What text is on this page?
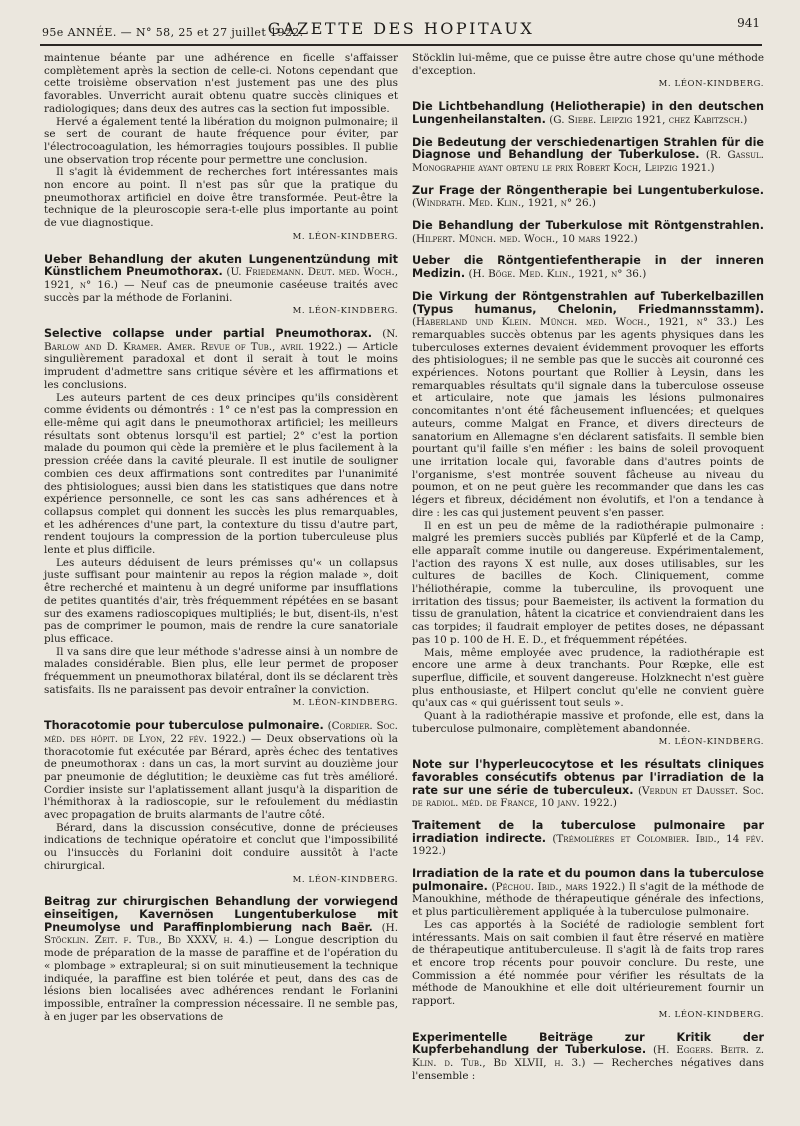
95e ANNÉE. — N° 58, 25 et 27 juillet 1922.
GAZETTE DES HOPITAUX	941

maintenue béante par une adhérence en ficelle s'affaisser complètement après la section de celle-ci. Notons cependant que cette troisième observation n'est justement pas une des plus favorables. Unverricht aurait obtenu quatre succès cliniques et radiologiques; dans deux des autres cas la section fut impossible.

Hervé a également tenté la libération du moignon pulmonaire; il se sert de courant de haute fréquence pour éviter, par l'électrocoagulation, les hémorragies toujours possibles. Il publie une observation trop récente pour permettre une conclusion.

Il s'agit là évidemment de recherches fort intéressantes mais non encore au point. Il n'est pas sûr que la pratique du pneumothorax artificiel en doive être transformée. Peut-être la technique de la pleuroscopie sera-t-elle plus importante au point de vue diagnostique.

M. LÉON-KINDBERG.

Ueber Behandlung der akuten Lungenentzündung mit Künstlichem Pneumothorax. (U. Friedemann. Deut. med. Woch., 1921, n° 16.) — Neuf cas de pneumonie caséeuse traités avec succès par la méthode de Forlanini.

M. LÉON-KINDBERG.

Selective collapse under partial Pneumothorax. (N. Barlow and D. Kramer. Amer. Revue of Tub., avril 1922.) — Article singulièrement paradoxal et dont il serait à tout le moins imprudent d'admettre sans critique sévère et les affirmations et les conclusions.

Les auteurs partent de ces deux principes qu'ils considèrent comme évidents ou démontrés : 1° ce n'est pas la compression en elle-même qui agit dans le pneumothorax artificiel; les meilleurs résultats sont obtenus lorsqu'il est partiel; 2° c'est la portion malade du poumon qui cède la première et le plus facilement à la pression créée dans la cavité pleurale. Il est inutile de souligner combien ces deux affirmations sont contredites par l'unanimité des phtisiologues; aussi bien dans les statistiques que dans notre expérience personnelle, ce sont les cas sans adhérences et à collapsus complet qui donnent les succès les plus remarquables, et les adhérences d'une part, la contexture du tissu d'autre part, rendent toujours la compression de la portion tuberculeuse plus lente et plus difficile.

Les auteurs déduisent de leurs prémisses qu'« un collapsus juste suffisant pour maintenir au repos la région malade », doit être recherché et maintenu à un degré uniforme par insufflations de petites quantités d'air, très fréquemment répétées en se basant sur des examens radioscopiques multipliés; le but, disent-ils, n'est pas de comprimer le poumon, mais de rendre la cure sanatoriale plus efficace.

Il va sans dire que leur méthode s'adresse ainsi à un nombre de malades considérable. Bien plus, elle leur permet de proposer fréquemment un pneumothorax bilatéral, dont ils se déclarent très satisfaits. Ils ne paraissent pas devoir entraîner la conviction.

M. LÉON-KINDBERG.

Thoracotomie pour tuberculose pulmonaire. (Cordier. Soc. méd. des hôpit. de Lyon, 22 fév. 1922.) — Deux observations où la thoracotomie fut exécutée par Bérard, après échec des tentatives de pneumothorax : dans un cas, la mort survint au douzième jour par pneumonie de déglutition; le deuxième cas fut très amélioré. Cordier insiste sur l'aplatissement allant jusqu'à la disparition de l'hémithorax à la radioscopie, sur le refoulement du médiastin avec propagation de bruits alarmants de l'autre côté.

Bérard, dans la discussion consécutive, donne de précieuses indications de technique opératoire et conclut que l'impossibilité ou l'insuccès du Forlanini doit conduire aussitôt à l'acte chirurgical.

M. LÉON-KINDBERG.

Beitrag zur chirurgischen Behandlung der vorwiegend einseitigen, Kavernösen Lungentuberkulose mit Pneumolyse und Paraffinplombierung nach Baër. (H. Stöcklin. Zeit. f. Tub., Bd XXXV, h. 4.) — Longue description du mode de préparation de la masse de paraffine et de l'opération du « plombage » extrapleural; si on suit minutieusement la technique indiquée, la paraffine est bien tolérée et peut, dans des cas de lésions bien localisées avec adhérences rendant le Forlanini impossible, entraîner la compression nécessaire. Il ne semble pas, à en juger par les observations de

Stöcklin lui-même, que ce puisse être autre chose qu'une méthode d'exception.

M. LÉON-KINDBERG.

Die Lichtbehandlung (Heliotherapie) in den deutschen Lungenheilanstalten. (G. Siebe. Leipzig 1921, chez Kabitzsch.)

Die Bedeutung der verschiedenartigen Strahlen für die Diagnose und Behandlung der Tuberkulose. (R. Gassul. Monographie ayant obtenu le prix Robert Koch, Leipzig 1921.)

Zur Frage der Röngentherapie bei Lungentuberkulose. (Windrath. Med. Klin., 1921, n° 26.)

Die Behandlung der Tuberkulose mit Röntgenstrahlen. (Hilpert. Münch. med. Woch., 10 mars 1922.)

Ueber die Röntgentiefentherapie in der inneren Medizin. (H. Böge. Med. Klin., 1921, n° 36.)

Die Virkung der Röntgenstrahlen auf Tuberkelbazillen (Typus humanus, Chelonin, Friedmannsstamm). (Haberland und Klein. Münch. med. Woch., 1921, n° 33.) Les remarquables succès obtenus par les agents physiques dans les tuberculoses externes devaient évidemment provoquer les efforts des phtisiologues; il ne semble pas que le succès ait couronné ces expériences. Notons pourtant que Rollier à Leysin, dans les remarquables résultats qu'il signale dans la tuberculose osseuse et articulaire, note que jamais les lésions pulmonaires concomitantes n'ont été fâcheusement influencées; et quelques auteurs, comme Malgat en France, et divers directeurs de sanatorium en Allemagne s'en déclarent satisfaits. Il semble bien pourtant qu'il faille s'en méfier : les bains de soleil provoquent une irritation locale qui, favorable dans d'autres points de l'organisme, s'est montrée souvent fâcheuse au niveau du poumon, et on ne peut guère les recommander que dans les cas légers et fibreux, décidément non évolutifs, et l'on a tendance à dire : les cas qui justement peuvent s'en passer.

Il en est un peu de même de la radiothérapie pulmonaire : malgré les premiers succès publiés par Küpferlé et de la Camp, elle apparaît comme inutile ou dangereuse. Expérimentalement, l'action des rayons X est nulle, aux doses utilisables, sur les cultures de bacilles de Koch. Cliniquement, comme l'héliothérapie, comme la tuberculine, ils provoquent une irritation des tissus; pour Baemeister, ils activent la formation du tissu de granulation, hâtent la cicatrice et conviendraient dans les cas torpides; il faudrait employer de petites doses, ne dépassant pas 10 p. 100 de H. E. D., et fréquemment répétées.

Mais, même employée avec prudence, la radiothérapie est encore une arme à deux tranchants. Pour Rœpke, elle est superflue, difficile, et souvent dangereuse. Holzknecht n'est guère plus enthousiaste, et Hilpert conclut qu'elle ne convient guère qu'aux cas « qui guérissent tout seuls ».

Quant à la radiothérapie massive et profonde, elle est, dans la tuberculose pulmonaire, complètement abandonnée.

M. LÉON-KINDBERG.

Note sur l'hyperleucocytose et les résultats cliniques favorables consécutifs obtenus par l'irradiation de la rate sur une série de tuberculeux. (Verdun et Dausset. Soc. de radiol. méd. de France, 10 janv. 1922.)

Traitement de la tuberculose pulmonaire par irradiation indirecte. (Trémolières et Colombier. Ibid., 14 fév. 1922.)

Irradiation de la rate et du poumon dans la tuberculose pulmonaire. (Péchou. Ibid., mars 1922.) Il s'agit de la méthode de Manoukhine, méthode de thérapeutique générale des infections, et plus particulièrement appliquée à la tuberculose pulmonaire.

Les cas apportés à la Société de radiologie semblent fort intéressants. Mais on sait combien il faut être réservé en matière de thérapeutique antituberculeuse. Il s'agit là de faits trop rares et encore trop récents pour pouvoir conclure. Du reste, une Commission a été nommée pour vérifier les résultats de la méthode de Manoukhine et elle doit ultérieurement fournir un rapport.

M. LÉON-KINDBERG.

Experimentelle Beiträge zur Kritik der Kupferbehandlung der Tuberkulose. (H. Eggers. Beitr. z. Klin. d. Tub., Bd XLVII, h. 3.) — Recherches négatives dans l'ensemble :
